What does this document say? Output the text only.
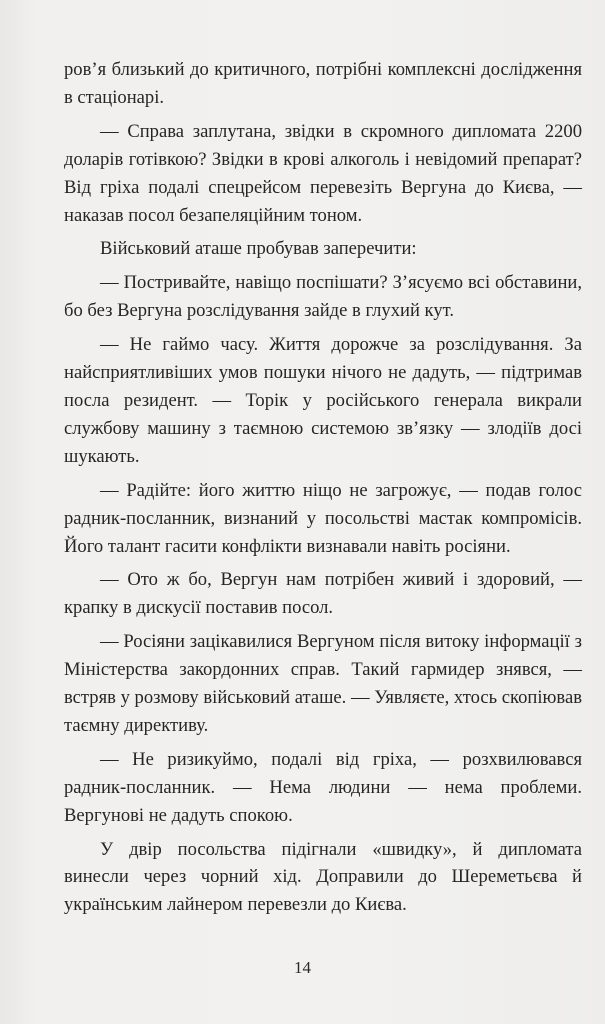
ров’я близький до критичного, потрібні комплексні дослідження в стаціонарі.

— Справа заплутана, звідки в скромного дипломата 2200 доларів готівкою? Звідки в крові алкоголь і невідомий препарат? Від гріха подалі спецрейсом перевезіть Вергуна до Києва, — наказав посол безапеляційним тоном.

Військовий аташе пробував заперечити:

— Постривайте, навіщо поспішати? З’ясуємо всі обставини, бо без Вергуна розслідування зайде в глухий кут.

— Не гаймо часу. Життя дорожче за розслідування. За найсприятливіших умов пошуки нічого не дадуть, — підтримав посла резидент. — Торік у російського генерала викрали службову машину з таємною системою зв’язку — злодіїв досі шукають.

— Радійте: його життю ніщо не загрожує, — подав голос радник-посланник, визнаний у посольстві мастак компромісів. Його талант гасити конфлікти визнавали навіть росіяни.

— Ото ж бо, Вергун нам потрібен живий і здоровий, — крапку в дискусії поставив посол.

— Росіяни зацікавилися Вергуном після витоку інформації з Міністерства закордонних справ. Такий гармидер знявся, — встряв у розмову військовий аташе. — Уявляєте, хтось скопіював таємну директиву.

— Не ризикуймо, подалі від гріха, — розхвилювався радник-посланник. — Нема людини — нема проблеми. Вергунові не дадуть спокою.

У двір посольства підігнали «швидку», й дипломата винесли через чорний хід. Доправили до Шереметьєва й українським лайнером перевезли до Києва.

14
